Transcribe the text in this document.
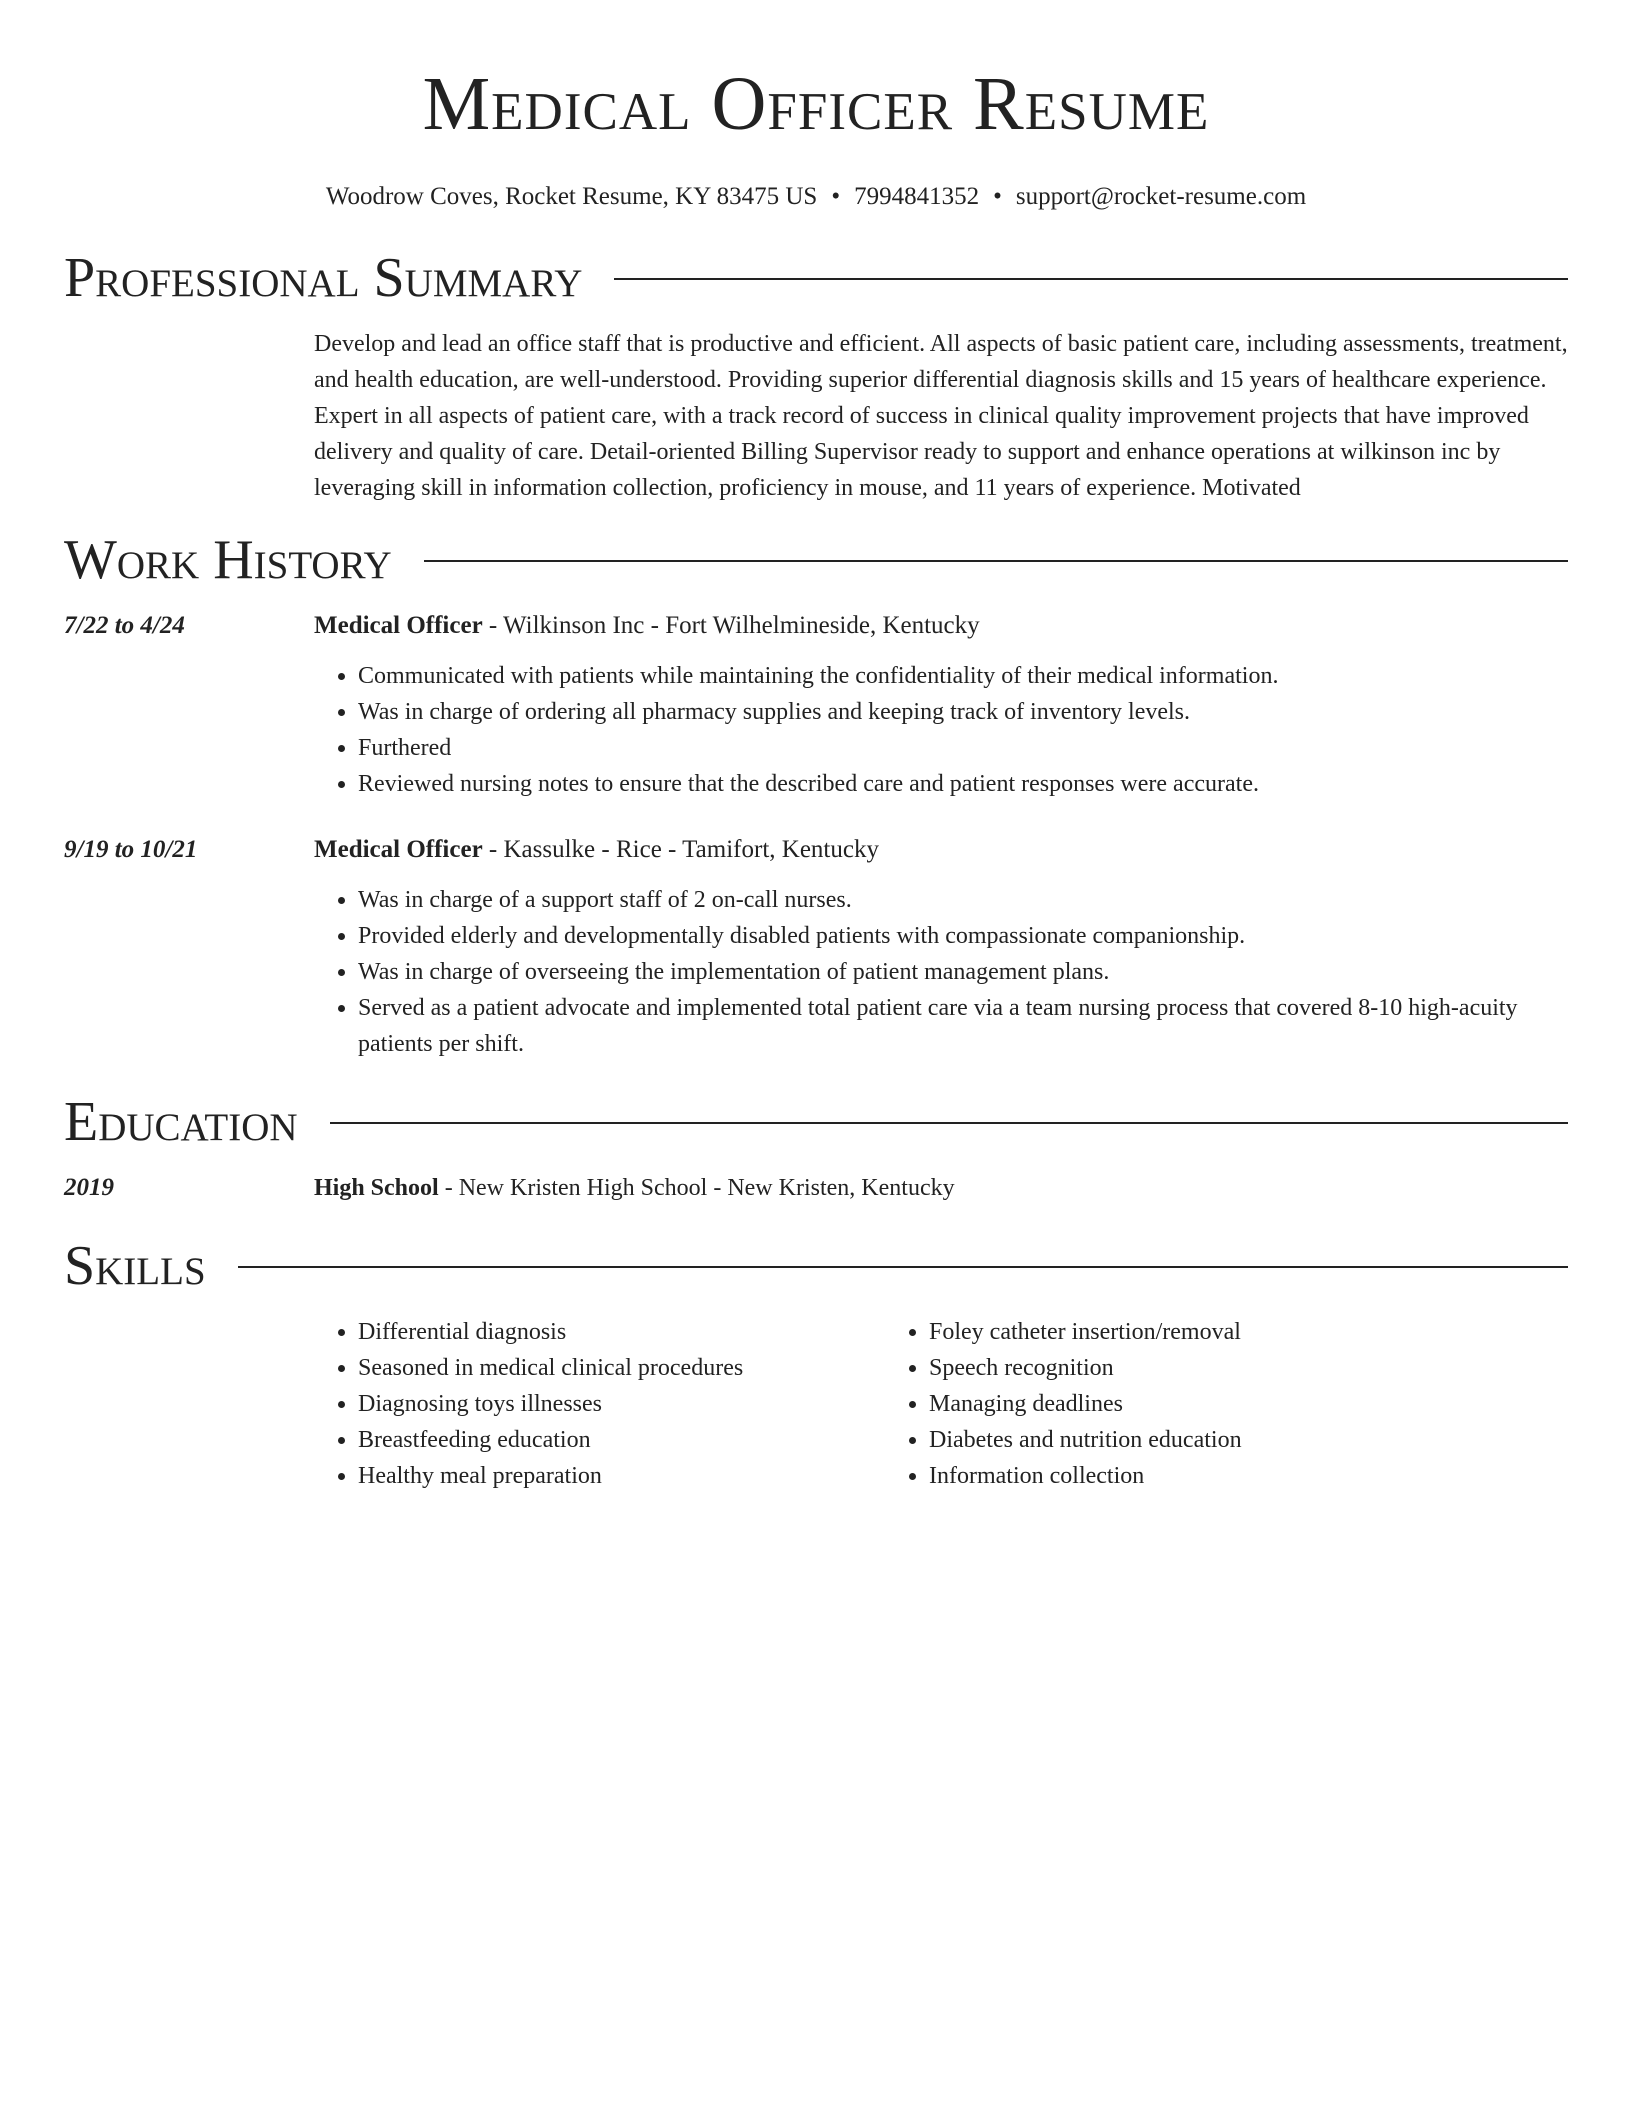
Medical Officer Resume
Woodrow Coves, Rocket Resume, KY 83475 US • 7994841352 • support@rocket-resume.com
Professional Summary
Develop and lead an office staff that is productive and efficient. All aspects of basic patient care, including assessments, treatment, and health education, are well-understood. Providing superior differential diagnosis skills and 15 years of healthcare experience. Expert in all aspects of patient care, with a track record of success in clinical quality improvement projects that have improved delivery and quality of care. Detail-oriented Billing Supervisor ready to support and enhance operations at wilkinson inc by leveraging skill in information collection, proficiency in mouse, and 11 years of experience. Motivated
Work History
7/22 to 4/24	Medical Officer - Wilkinson Inc - Fort Wilhelmineside, Kentucky
• Communicated with patients while maintaining the confidentiality of their medical information.
• Was in charge of ordering all pharmacy supplies and keeping track of inventory levels.
• Furthered
• Reviewed nursing notes to ensure that the described care and patient responses were accurate.
9/19 to 10/21	Medical Officer - Kassulke - Rice - Tamifort, Kentucky
• Was in charge of a support staff of 2 on-call nurses.
• Provided elderly and developmentally disabled patients with compassionate companionship.
• Was in charge of overseeing the implementation of patient management plans.
• Served as a patient advocate and implemented total patient care via a team nursing process that covered 8-10 high-acuity patients per shift.
Education
2019	High School - New Kristen High School - New Kristen, Kentucky
Skills
• Differential diagnosis
• Seasoned in medical clinical procedures
• Diagnosing toys illnesses
• Breastfeeding education
• Healthy meal preparation
• Foley catheter insertion/removal
• Speech recognition
• Managing deadlines
• Diabetes and nutrition education
• Information collection
